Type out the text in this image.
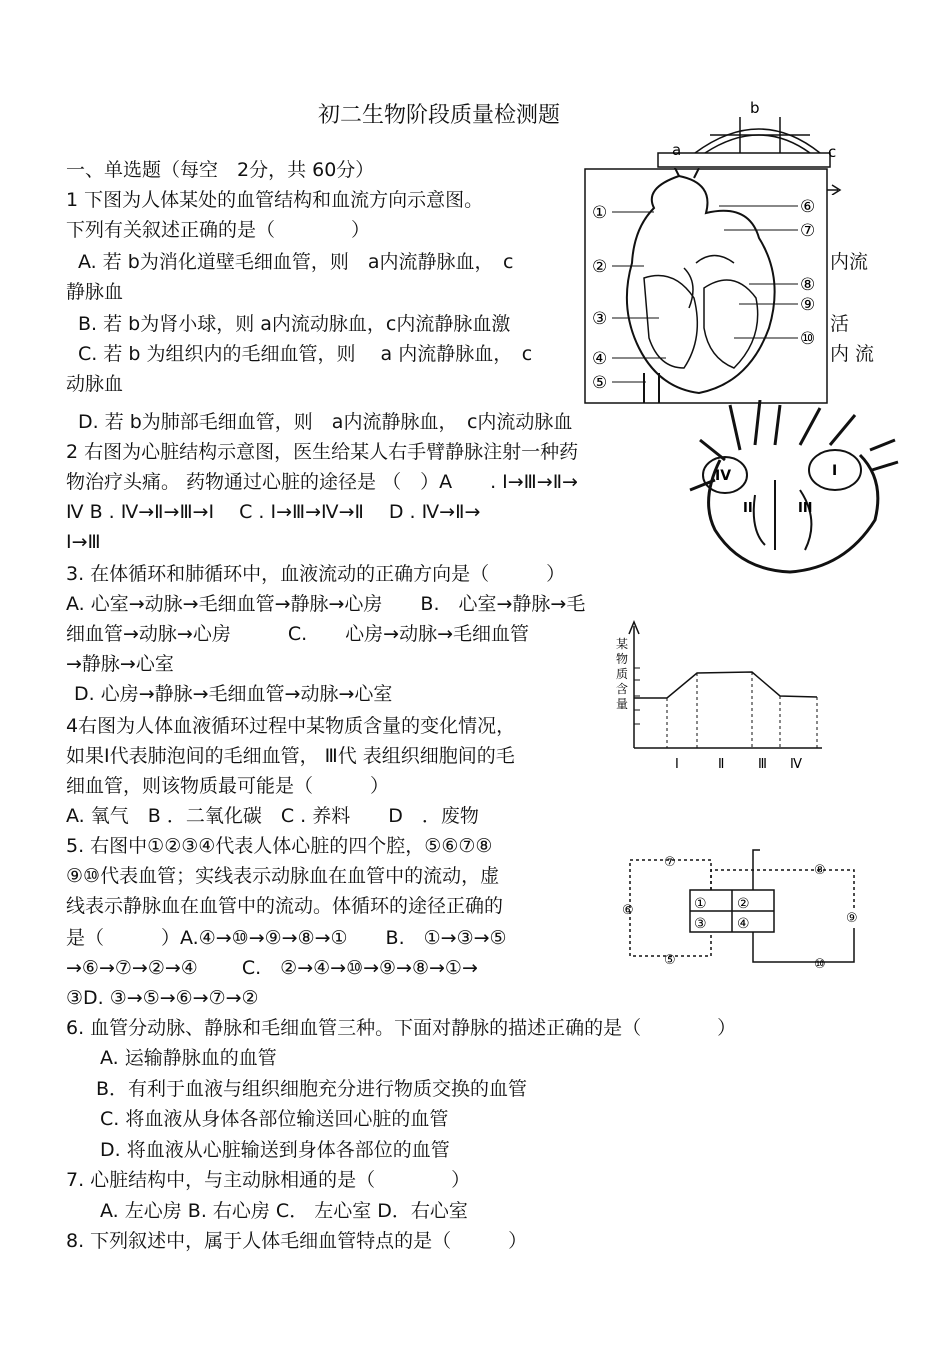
初二生物阶段质量检测题
一、单选题（每空　2分，共 60分）
1 下图为人体某处的血管结构和血流方向示意图。
下列有关叙述正确的是（　　　　）
A. 若 b为消化道壁毛细血管，则　a内流静脉血，　c	内流
静脉血
B. 若 b为肾小球，则 a内流动脉血，c内流静脉血激	活
C. 若 b 为组织内的毛细血管，则　 a 内流静脉血，　c	内 流
动脉血
D. 若 b为肺部毛细血管，则　a内流静脉血，　c内流动脉血
2 右图为心脏结构示意图，医生给某人右手臂静脉注射一种药
物治疗头痛。 药物通过心脏的途径是 （　）A　　. Ⅰ→Ⅲ→Ⅱ→
Ⅳ B . Ⅳ→Ⅱ→Ⅲ→Ⅰ　 C . Ⅰ→Ⅲ→Ⅳ→Ⅱ　 D . Ⅳ→Ⅱ→
Ⅰ→Ⅲ
3. 在体循环和肺循环中，血液流动的正确方向是（　　　）
A. 心室→动脉→毛细血管→静脉→心房　　B.　心室→静脉→毛
细血管→动脉→心房　　　C.　　心房→动脉→毛细血管
→静脉→心室
D. 心房→静脉→毛细血管→动脉→心室
4右图为人体血液循环过程中某物质含量的变化情况，
如果Ⅰ代表肺泡间的毛细血管， Ⅲ代 表组织细胞间的毛
细血管，则该物质最可能是（　　　）
A. 氧气　B ．二氧化碳　C . 养料　　D　．废物
5. 右图中①②③④代表人体心脏的四个腔，⑤⑥⑦⑧
⑨⑩代表血管；实线表示动脉血在血管中的流动，虚
线表示静脉血在血管中的流动。体循环的途径正确的
是（　　　）A.④→⑩→⑨→⑧→①　　B.　①→③→⑤
→⑥→⑦→②→④　　 C.　②→④→⑩→⑨→⑧→①→
③D. ③→⑤→⑥→⑦→②
6. 血管分动脉、静脉和毛细血管三种。下面对静脉的描述正确的是（　　　　）
A. 运输静脉血的血管
B．有利于血液与组织细胞充分进行物质交换的血管
C. 将血液从身体各部位输送回心脏的血管
D. 将血液从心脏输送到身体各部位的血管
7. 心脏结构中，与主动脉相通的是（　　　　）
A. 左心房 B. 右心房 C． 左心室 D．右心室
8. 下列叙述中，属于人体毛细血管特点的是（　　　）
a
b
c
①
②
③
④
⑤
⑥
⑦
⑧
⑨
⑩
IV	I
II	III
某
物
质
含
量
Ⅰ	Ⅱ	Ⅲ Ⅳ
① ②
③ ④
⑤
⑥
⑦
⑧
⑨
⑩
